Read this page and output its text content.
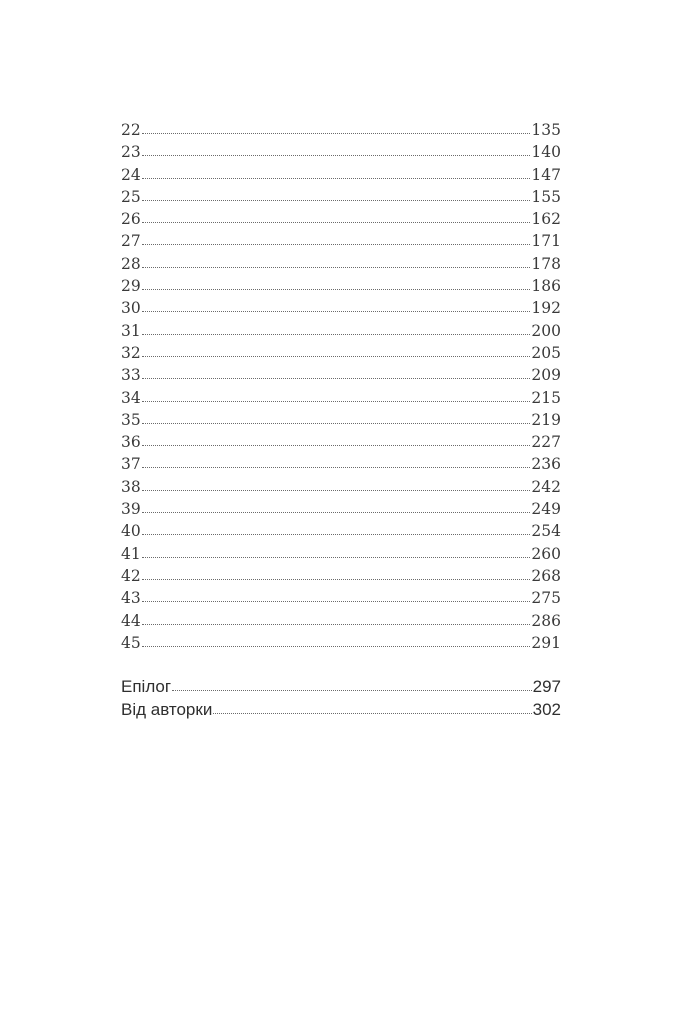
22	135
23	140
24	147
25	155
26	162
27	171
28	178
29	186
30	192
31	200
32	205
33	209
34	215
35	219
36	227
37	236
38	242
39	249
40	254
41	260
42	268
43	275
44	286
45	291
Епілог	297
Від авторки	302
